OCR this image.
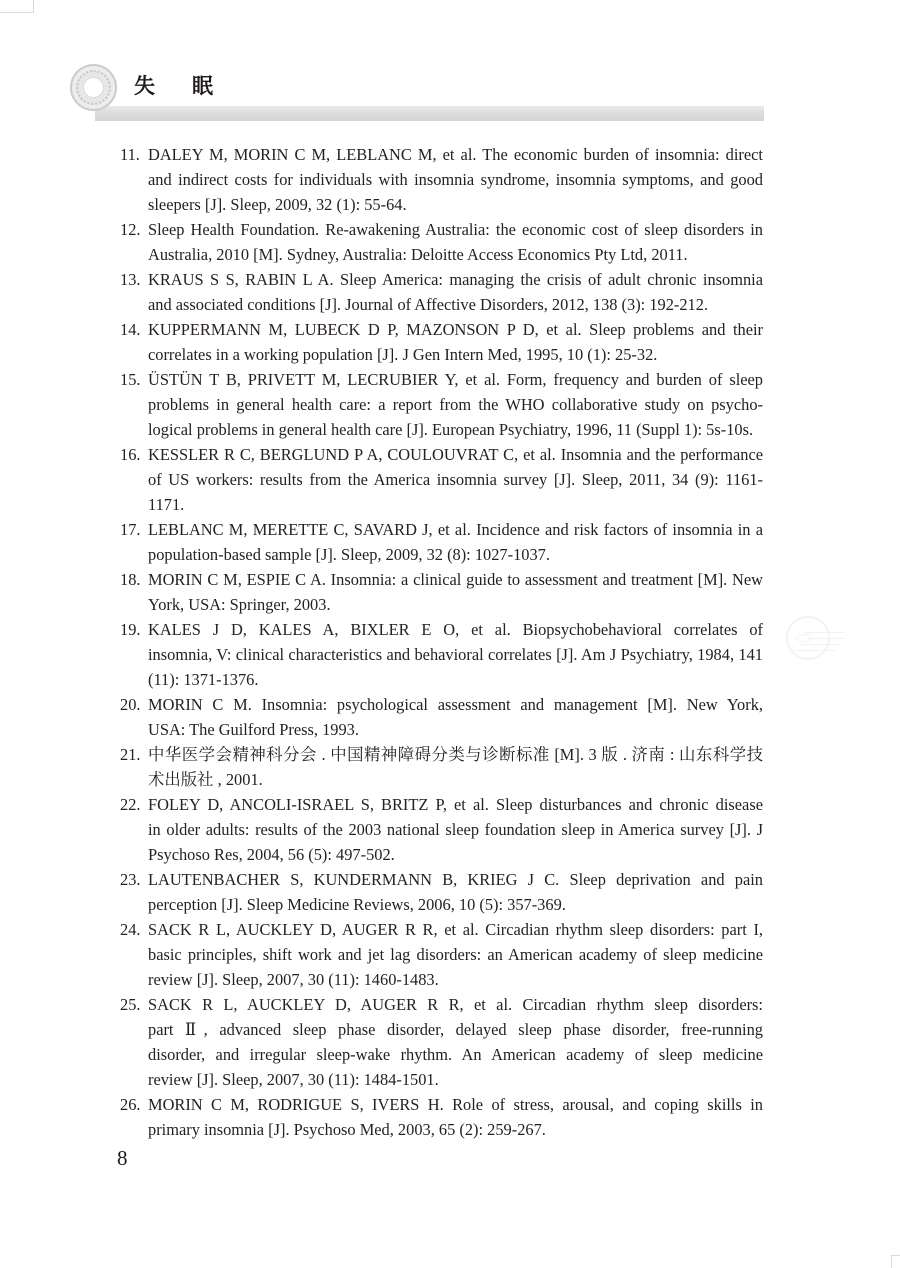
失眠
11. DALEY M, MORIN C M, LEBLANC M, et al. The economic burden of insomnia: direct
and indirect costs for individuals with insomnia syndrome, insomnia symptoms, and good
sleepers [J]. Sleep, 2009, 32 (1): 55-64.
12. Sleep Health Foundation. Re-awakening Australia: the economic cost of sleep disorders in
Australia, 2010 [M]. Sydney, Australia: Deloitte Access Economics Pty Ltd, 2011.
13. KRAUS S S, RABIN L A. Sleep America: managing the crisis of adult chronic insomnia
and associated conditions [J]. Journal of Affective Disorders, 2012, 138 (3): 192-212.
14. KUPPERMANN M, LUBECK D P, MAZONSON P D, et al. Sleep problems and their
correlates in a working population [J]. J Gen Intern Med, 1995, 10 (1): 25-32.
15. ÜSTÜN T B, PRIVETT M, LECRUBIER Y, et al. Form, frequency and burden of sleep
problems in general health care: a report from the WHO collaborative study on psycho-
logical problems in general health care [J]. European Psychiatry, 1996, 11 (Suppl 1): 5s-10s.
16. KESSLER R C, BERGLUND P A, COULOUVRAT C, et al. Insomnia and the performance
of US workers: results from the America insomnia survey [J]. Sleep, 2011, 34 (9): 1161-
1171.
17. LEBLANC M, MERETTE C, SAVARD J, et al. Incidence and risk factors of insomnia in a
population-based sample [J]. Sleep, 2009, 32 (8): 1027-1037.
18. MORIN C M, ESPIE C A. Insomnia: a clinical guide to assessment and treatment [M]. New
York, USA: Springer, 2003.
19. KALES J D, KALES A, BIXLER E O, et al. Biopsychobehavioral correlates of
insomnia, V: clinical characteristics and behavioral correlates [J]. Am J Psychiatry, 1984, 141
(11): 1371-1376.
20. MORIN C M. Insomnia: psychological assessment and management [M]. New York,
USA: The Guilford Press, 1993.
21. 中华医学会精神科分会 . 中国精神障碍分类与诊断标准 [M]. 3 版 . 济南 : 山东科学技
术出版社 , 2001.
22. FOLEY D, ANCOLI-ISRAEL S, BRITZ P, et al. Sleep disturbances and chronic disease
in older adults: results of the 2003 national sleep foundation sleep in America survey [J]. J
Psychoso Res, 2004, 56 (5): 497-502.
23. LAUTENBACHER S, KUNDERMANN B, KRIEG J C. Sleep deprivation and pain
perception [J]. Sleep Medicine Reviews, 2006, 10 (5): 357-369.
24. SACK R L, AUCKLEY D, AUGER R R, et al. Circadian rhythm sleep disorders: part I,
basic principles, shift work and jet lag disorders: an American academy of sleep medicine
review [J]. Sleep, 2007, 30 (11): 1460-1483.
25. SACK R L, AUCKLEY D, AUGER R R, et al. Circadian rhythm sleep disorders:
part Ⅱ, advanced sleep phase disorder, delayed sleep phase disorder, free-running
disorder, and irregular sleep-wake rhythm. An American academy of sleep medicine
review [J]. Sleep, 2007, 30 (11): 1484-1501.
26. MORIN C M, RODRIGUE S, IVERS H. Role of stress, arousal, and coping skills in
primary insomnia [J]. Psychoso Med, 2003, 65 (2): 259-267.
8
